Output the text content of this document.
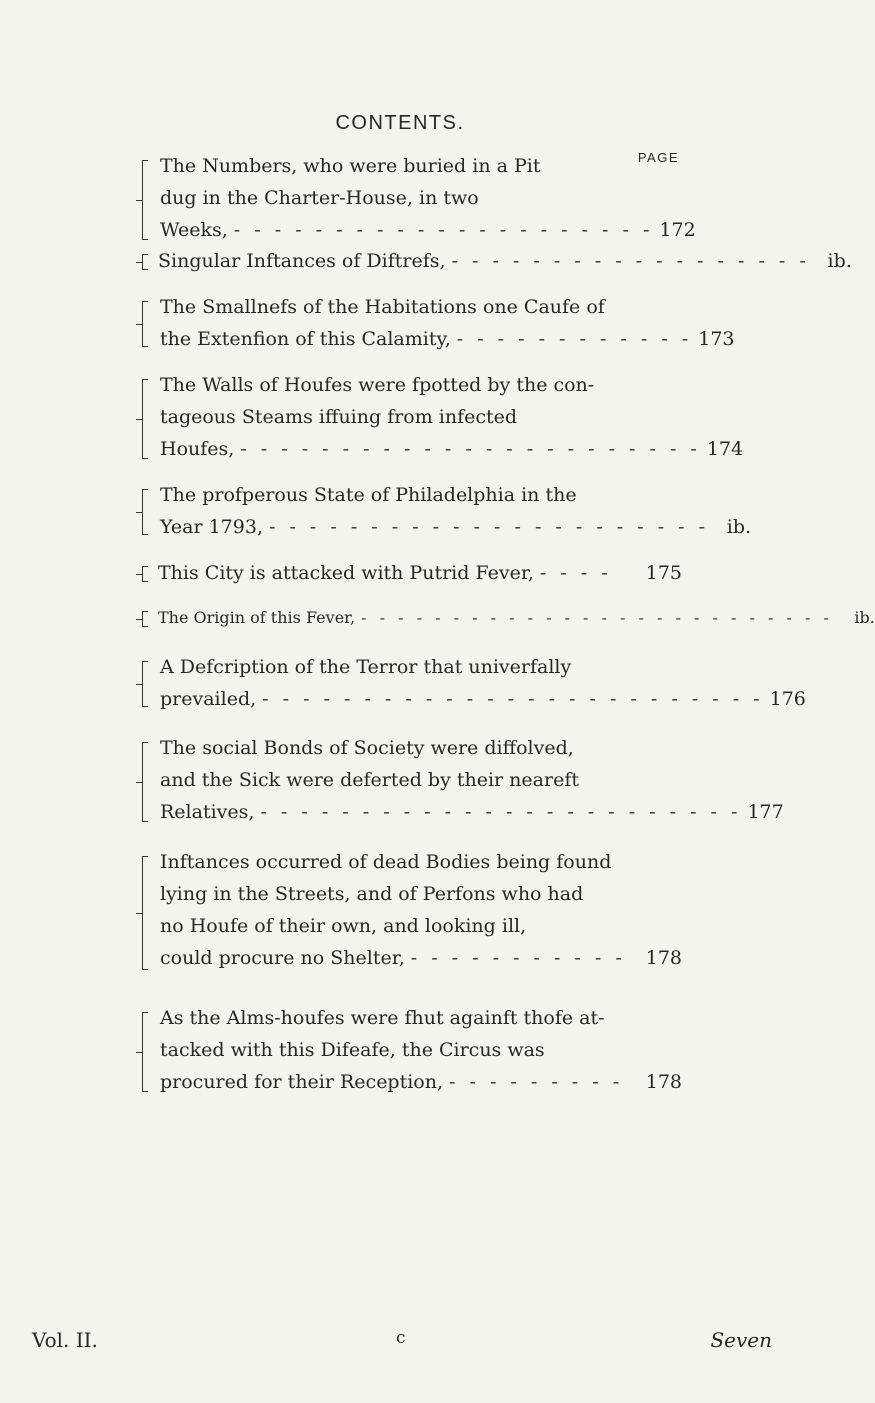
CONTENTS.
PAGE
The Numbers, who were buried in a Pit
dug in the Charter-House, in two
Weeks, - - - - - - - - - - - - - - - - - - - - - 172
Singular Inftances of Diftrefs, - - - - - - - - - - - - - - - - - - ib.
The Smallnefs of the Habitations one Caufe of
the Extenfion of this Calamity, - - - - - - - - - - - - 173
The Walls of Houfes were fpotted by the con-
tageous Steams iffuing from infected
Houfes, - - - - - - - - - - - - - - - - - - - - - - - 174
The profperous State of Philadelphia in the
Year 1793, - - - - - - - - - - - - - - - - - - - - - - ib.
This City is attacked with Putrid Fever, - - - -	175
The Origin of this Fever, - - - - - - - - - - - - - - - - - - - - - - - - - -	ib.
A Defcription of the Terror that univerfally
prevailed, - - - - - - - - - - - - - - - - - - - - - - - - - 176
The social Bonds of Society were diffolved,
and the Sick were deferted by their neareft
Relatives, - - - - - - - - - - - - - - - - - - - - - - - - 177
Inftances occurred of dead Bodies being found
lying in the Streets, and of Perfons who had
no Houfe of their own, and looking ill,
could procure no Shelter, - - - - - - - - - - -	178
As the Alms-houfes were fhut againft thofe at-
tacked with this Difeafe, the Circus was
procured for their Reception, - - - - - - - - -	178
Vol. II.	c	Seven
